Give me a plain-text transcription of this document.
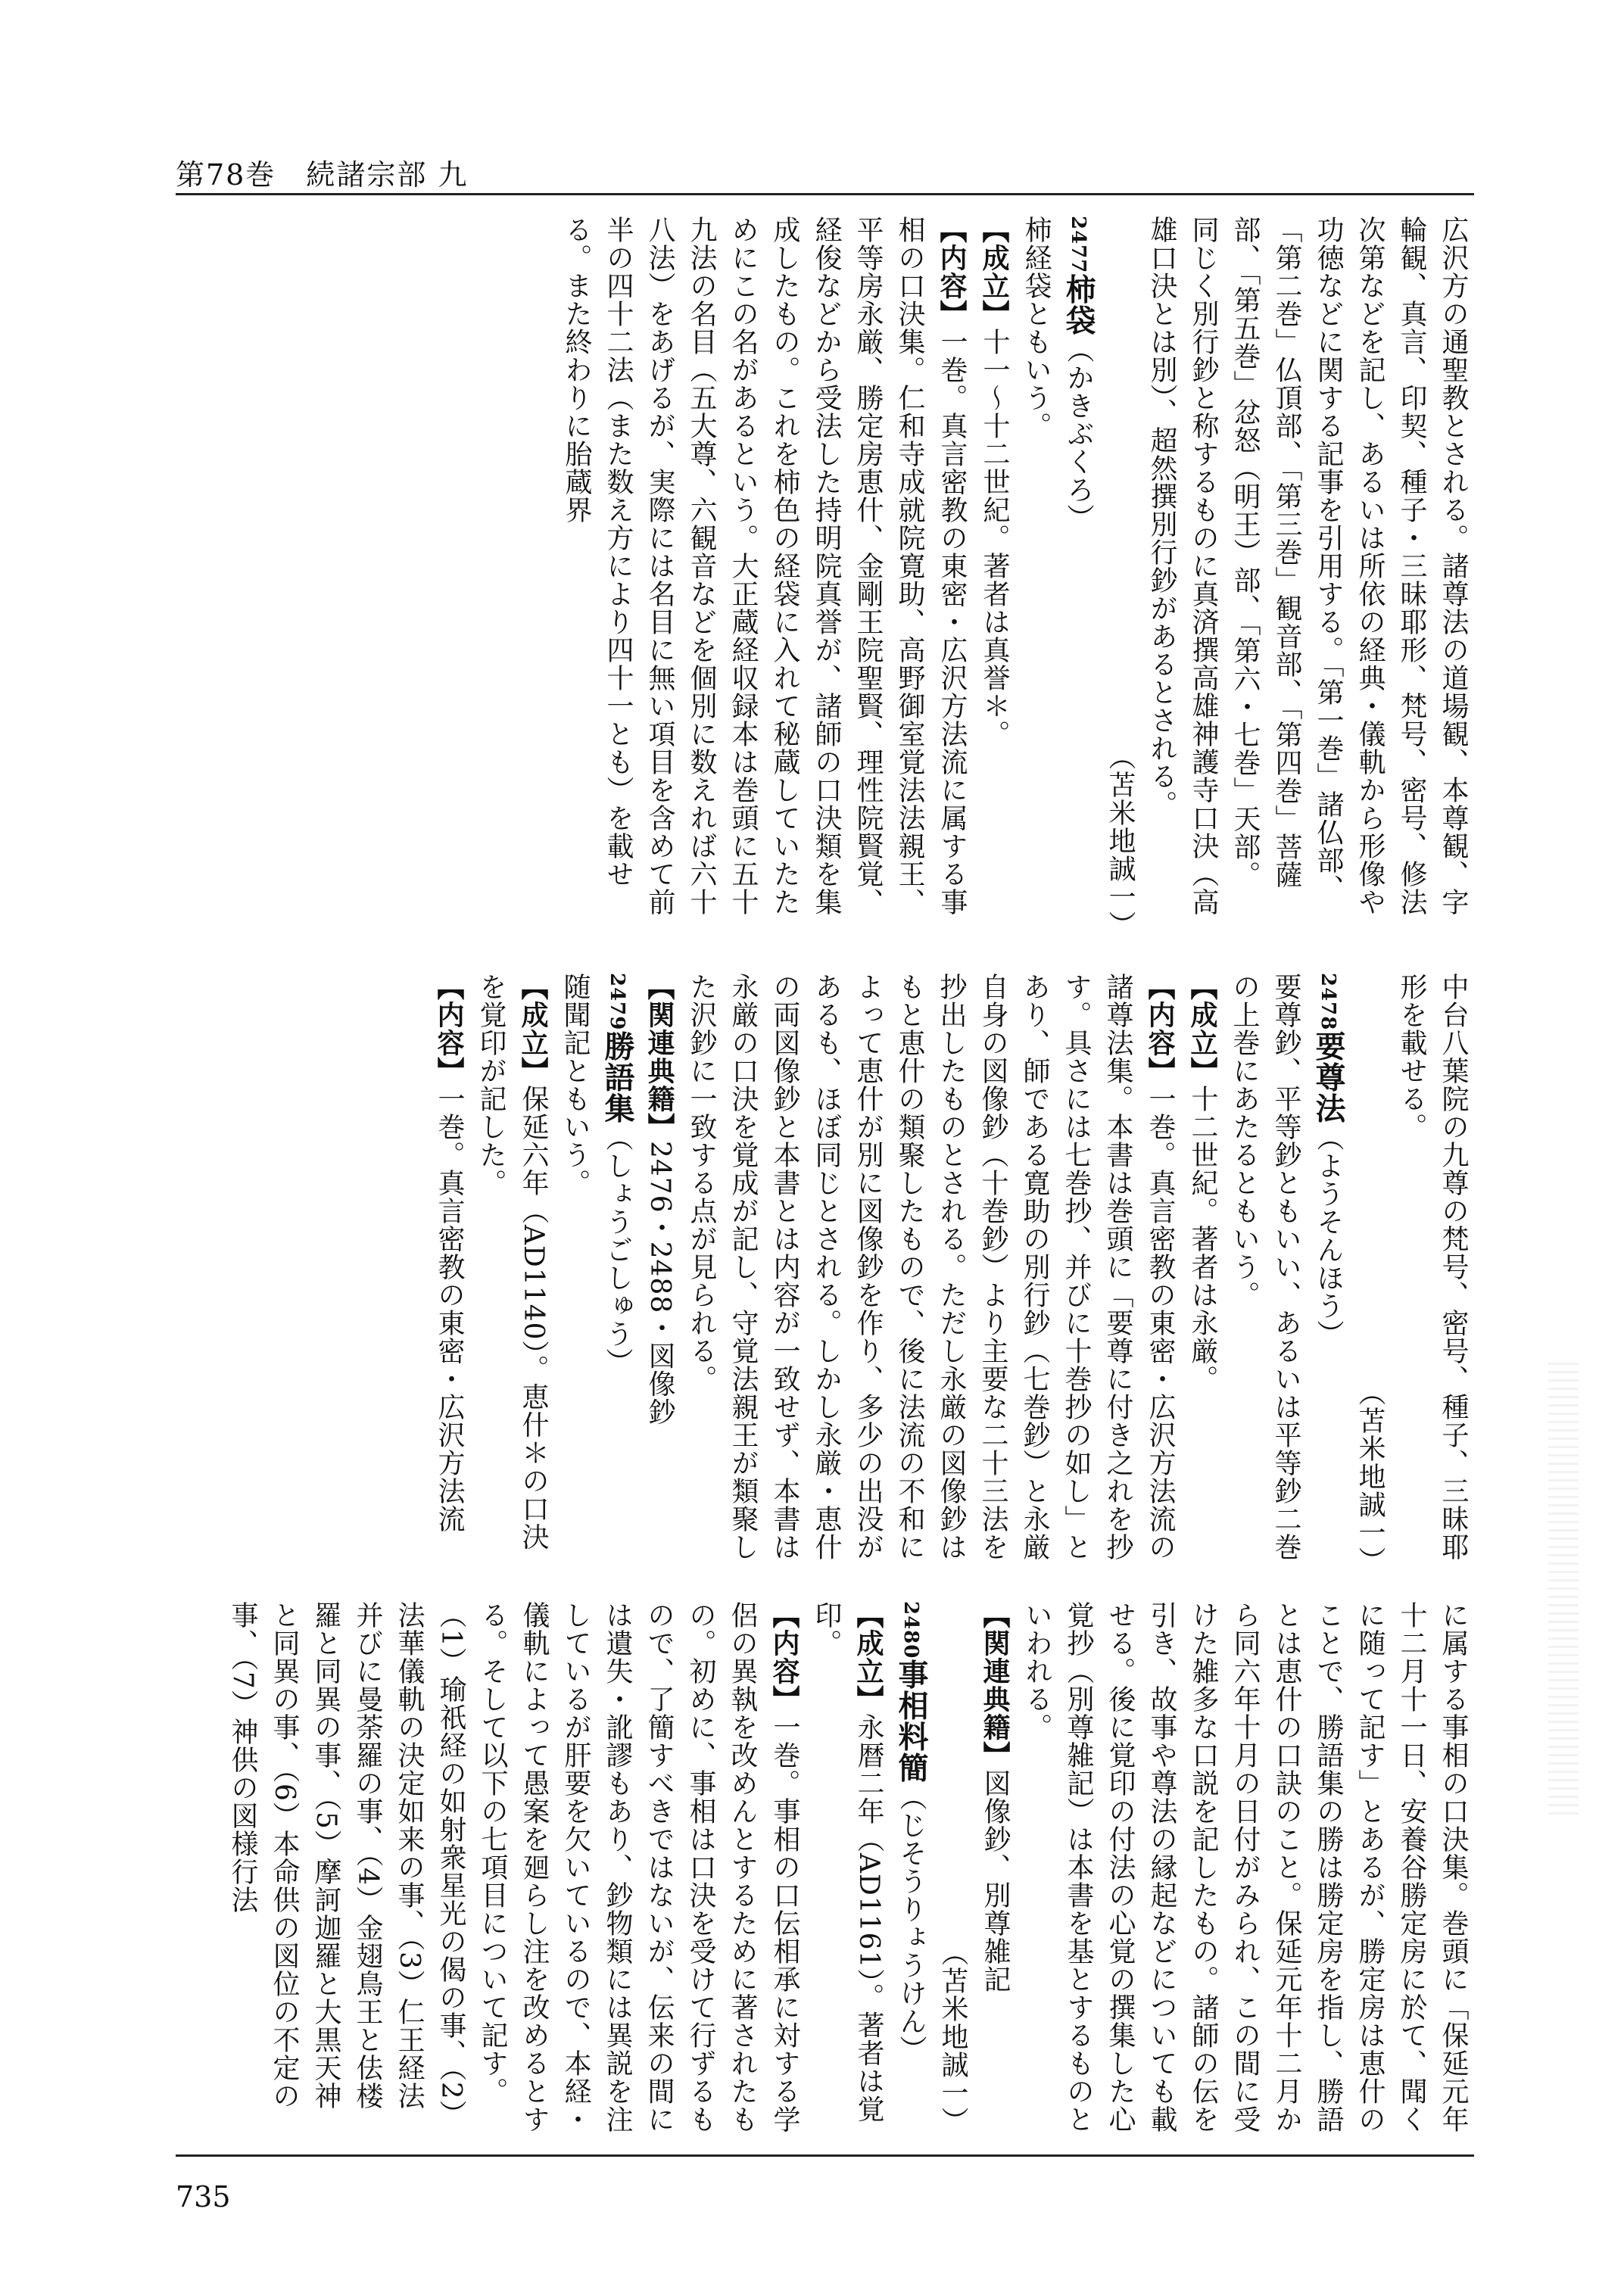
第78巻　 続諸宗部 九

広沢方の通聖教とされる。諸尊法の道場観、本尊観、字輪観、真言、印契、種子・三昧耶形、梵号、密号、修法次第などを記し、あるいは所依の経典・儀軌から形像や功徳などに関する記事を引用する。「第一巻」諸仏部、「第二巻」仏頂部、「第三巻」観音部、「第四巻」菩薩部、「第五巻」忿怒（明王）部、「第六・七巻」天部。

同じく別行鈔と称するものに真済撰高雄神護寺口決（高雄口決とは別）、超然撰別行鈔があるとされる。

（苫米地誠一）

2477柿袋（かきぶくろ）

柿経袋ともいう。

【成立】十一〜十二世紀。著者は真誉＊。

【内容】一巻。真言密教の東密・広沢方法流に属する事相の口決集。仁和寺成就院寛助、高野御室覚法法親王、平等房永厳、勝定房恵什、金剛王院聖賢、理性院賢覚、経俊などから受法した持明院真誉が、諸師の口決類を集成したもの。これを柿色の経袋に入れて秘蔵していたためにこの名があるという。大正蔵経収録本は巻頭に五十九法の名目（五大尊、六観音などを個別に数えれば六十八法）をあげるが、実際には名目に無い項目を含めて前半の四十二法（また数え方により四十一とも）を載せる。また終わりに胎蔵界

中台八葉院の九尊の梵号、密号、種子、三昧耶形を載せる。

（苫米地誠一）

2478要尊法（ようそんほう）

要尊鈔、平等鈔ともいい、あるいは平等鈔二巻の上巻にあたるともいう。

【成立】十二世紀。著者は永厳。

【内容】一巻。真言密教の東密・広沢方法流の諸尊法集。本書は巻頭に「要尊に付き之れを抄す。具さには七巻抄、并びに十巻抄の如し」とあり、師である寛助の別行鈔（七巻鈔）と永厳自身の図像鈔（十巻鈔）より主要な二十三法を抄出したものとされる。ただし永厳の図像鈔はもと恵什の類聚したもので、後に法流の不和によって恵什が別に図像鈔を作り、多少の出没があるも、ほぼ同じとされる。しかし永厳・恵什の両図像鈔と本書とは内容が一致せず、本書は永厳の口決を覚成が記し、守覚法親王が類聚した沢鈔に一致する点が見られる。

【関連典籍】2476・2488・図像鈔

2479勝語集（しょうごしゅう）

随聞記ともいう。

【成立】保延六年（AD1140）。恵什＊の口決を覚印が記した。

【内容】一巻。真言密教の東密・広沢方法流

に属する事相の口決集。巻頭に「保延元年十二月十一日、安養谷勝定房に於て、聞くに随って記す」とあるが、勝定房は恵什のことで、勝語集の勝は勝定房を指し、勝語とは恵什の口訣のこと。保延元年十二月から同六年十月の日付がみられ、この間に受けた雑多な口説を記したもの。諸師の伝を引き、故事や尊法の縁起などについても載せる。後に覚印の付法の心覚の撰集した心覚抄（別尊雑記）は本書を基とするものといわれる。

【関連典籍】図像鈔、別尊雑記

（苫米地誠一）

2480事相料簡（じそうりょうけん）

【成立】永暦二年（AD1161）。著者は覚印。

【内容】一巻。事相の口伝相承に対する学侶の異執を改めんとするために著されたもの。初めに、事相は口決を受けて行ずるもので、了簡すべきではないが、伝来の間には遺失・訛謬もあり、鈔物類には異説を注しているが肝要を欠いているので、本経・儀軌によって愚案を廻らし注を改めるとする。そして以下の七項目について記す。（1）瑜祇経の如射衆星光の偈の事、（2）法華儀軌の決定如来の事、（3）仁王経法并びに曼荼羅の事、（4）金翅鳥王と佉楼羅と同異の事、（5）摩訶迦羅と大黒天神と同異の事、（6）本命供の図位の不定の事、（7）神供の図様行法

735
